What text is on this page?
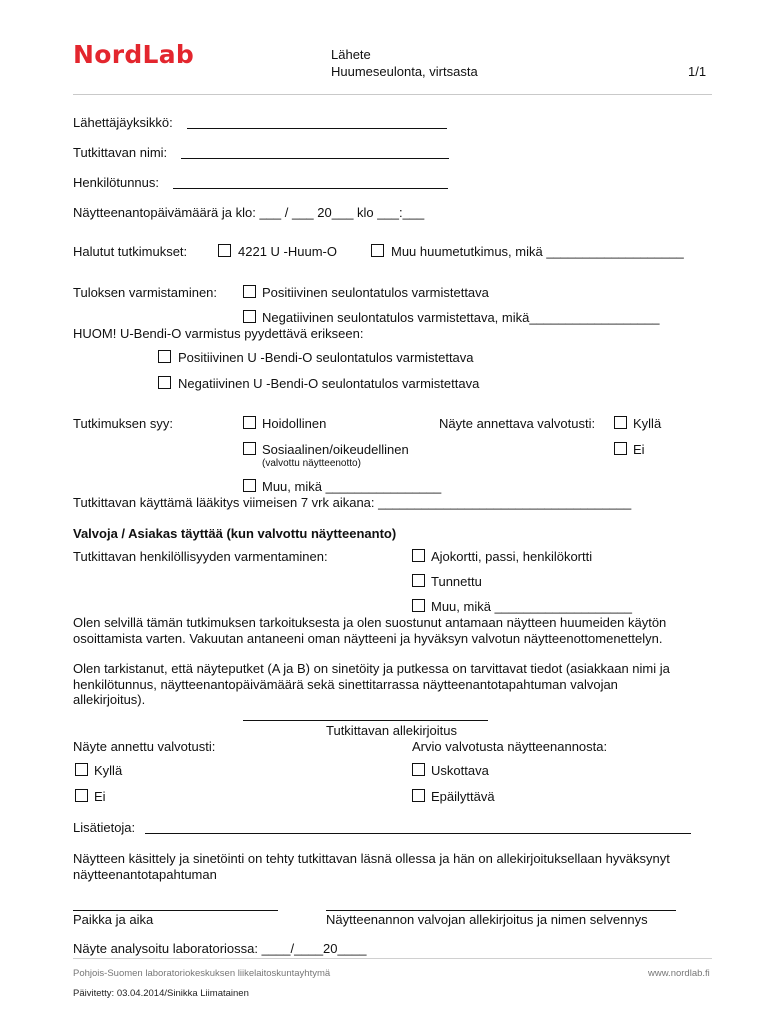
NordLab	Lähete
Huumeseulonta, virtsasta	1/1
Lähettäjäyksikkö:
Tutkittavan nimi:
Henkilötunnus:
Näytteenantopäivämäärä ja klo: ___ / ___ 20___ klo ___:___
Halutut tutkimukset:	4221 U -Huum-O	Muu huumetutkimus, mikä ___________________
Tuloksen varmistaminen:	Positiivinen seulontatulos varmistettava
Negatiivinen seulontatulos varmistettava, mikä__________________
HUOM! U-Bendi-O varmistus pyydettävä erikseen:
Positiivinen U -Bendi-O seulontatulos varmistettava
Negatiivinen U -Bendi-O seulontatulos varmistettava
Tutkimuksen syy:	Hoidollinen	Näyte annettava valvotusti:	Kyllä
Sosiaalinen/oikeudellinen	Ei
(valvottu näytteenotto)
Muu, mikä ________________
Tutkittavan käyttämä lääkitys viimeisen 7 vrk aikana: ___________________________________
Valvoja / Asiakas täyttää (kun valvottu näytteenanto)
Tutkittavan henkilöllisyyden varmentaminen:	Ajokortti, passi, henkilökortti
Tunnettu
Muu, mikä ___________________
Olen selvillä tämän tutkimuksen tarkoituksesta ja olen suostunut antamaan näytteen huumeiden käytön osoittamista varten. Vakuutan antaneeni oman näytteeni ja hyväksyn valvotun näytteenottomenettelyn.
Olen tarkistanut, että näyteputket (A ja B) on sinetöity ja putkessa on tarvittavat tiedot (asiakkaan nimi ja henkilötunnus, näytteenantopäivämäärä sekä sinettitarrassa näytteenantotapahtuman valvojan allekirjoitus).
Tutkittavan allekirjoitus
Näyte annettu valvotusti:	Arvio valvotusta näytteenannosta:
Kyllä	Uskottava
Ei	Epäilyttävä
Lisätietoja:
Näytteen käsittely ja sinetöinti on tehty tutkittavan läsnä ollessa ja hän on allekirjoituksellaan hyväksynyt näytteenantotapahtuman
Paikka ja aika	Näytteenannon valvojan allekirjoitus ja nimen selvennys
Näyte analysoitu laboratoriossa: ____/____20____
Pohjois-Suomen laboratoriokeskuksen liikelaitoskuntayhtymä	www.nordlab.fi
Päivitetty: 03.04.2014/Sinikka Liimatainen
